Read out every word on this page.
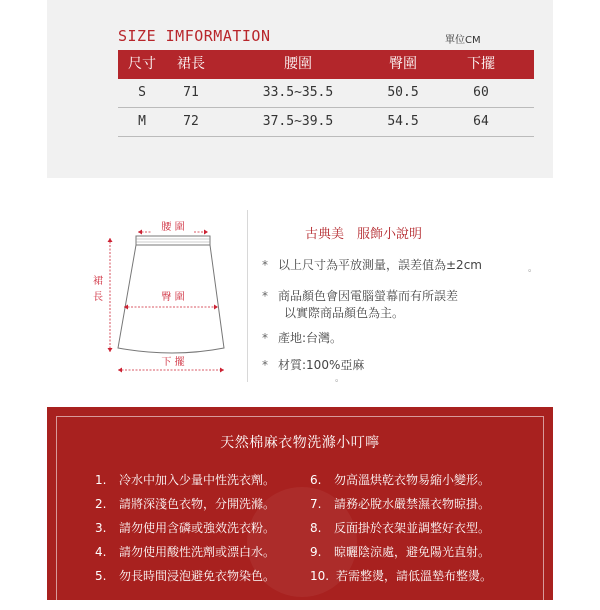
SIZE IMFORMATION	單位CM
尺寸	裙長	腰圍	臀圍	下擺
S	71	33.5~35.5	50.5	60
M	72	37.5~39.5	54.5	64
腰 圍
臀 圍
裙
長
下 擺
古典美　服飾小說明
* 以上尺寸為平放測量，誤差值為±2cm	。
* 商品顏色會因電腦螢幕而有所誤差
以實際商品顏色為主。
* 產地:台灣。
* 材質:100%亞麻
。
天然棉麻衣物洗滌小叮嚀
1. 冷水中加入少量中性洗衣劑。
2. 請將深淺色衣物，分開洗滌。
3. 請勿使用含磷或強效洗衣粉。
4. 請勿使用酸性洗劑或漂白水。
5. 勿長時間浸泡避免衣物染色。
6. 勿高溫烘乾衣物易縮小變形。
7. 請務必脫水嚴禁濕衣物晾掛。
8. 反面掛於衣架並調整好衣型。
9. 晾曬陰涼處，避免陽光直射。
10. 若需整燙，請低溫墊布整燙。
